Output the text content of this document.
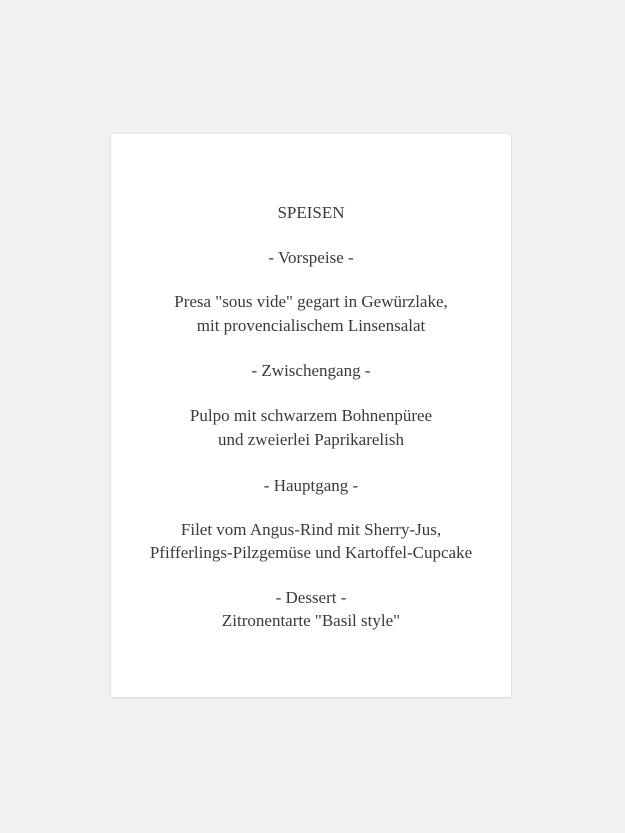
SPEISEN
- Vorspeise -
Presa "sous vide" gegart in Gewürzlake,
mit provencialischem Linsensalat
- Zwischengang -
Pulpo mit schwarzem Bohnenpüree
und zweierlei Paprikarelish
- Hauptgang -
Filet vom Angus-Rind mit Sherry-Jus,
Pfifferlings-Pilzgemüse und Kartoffel-Cupcake
- Dessert -
Zitronentarte "Basil style"
